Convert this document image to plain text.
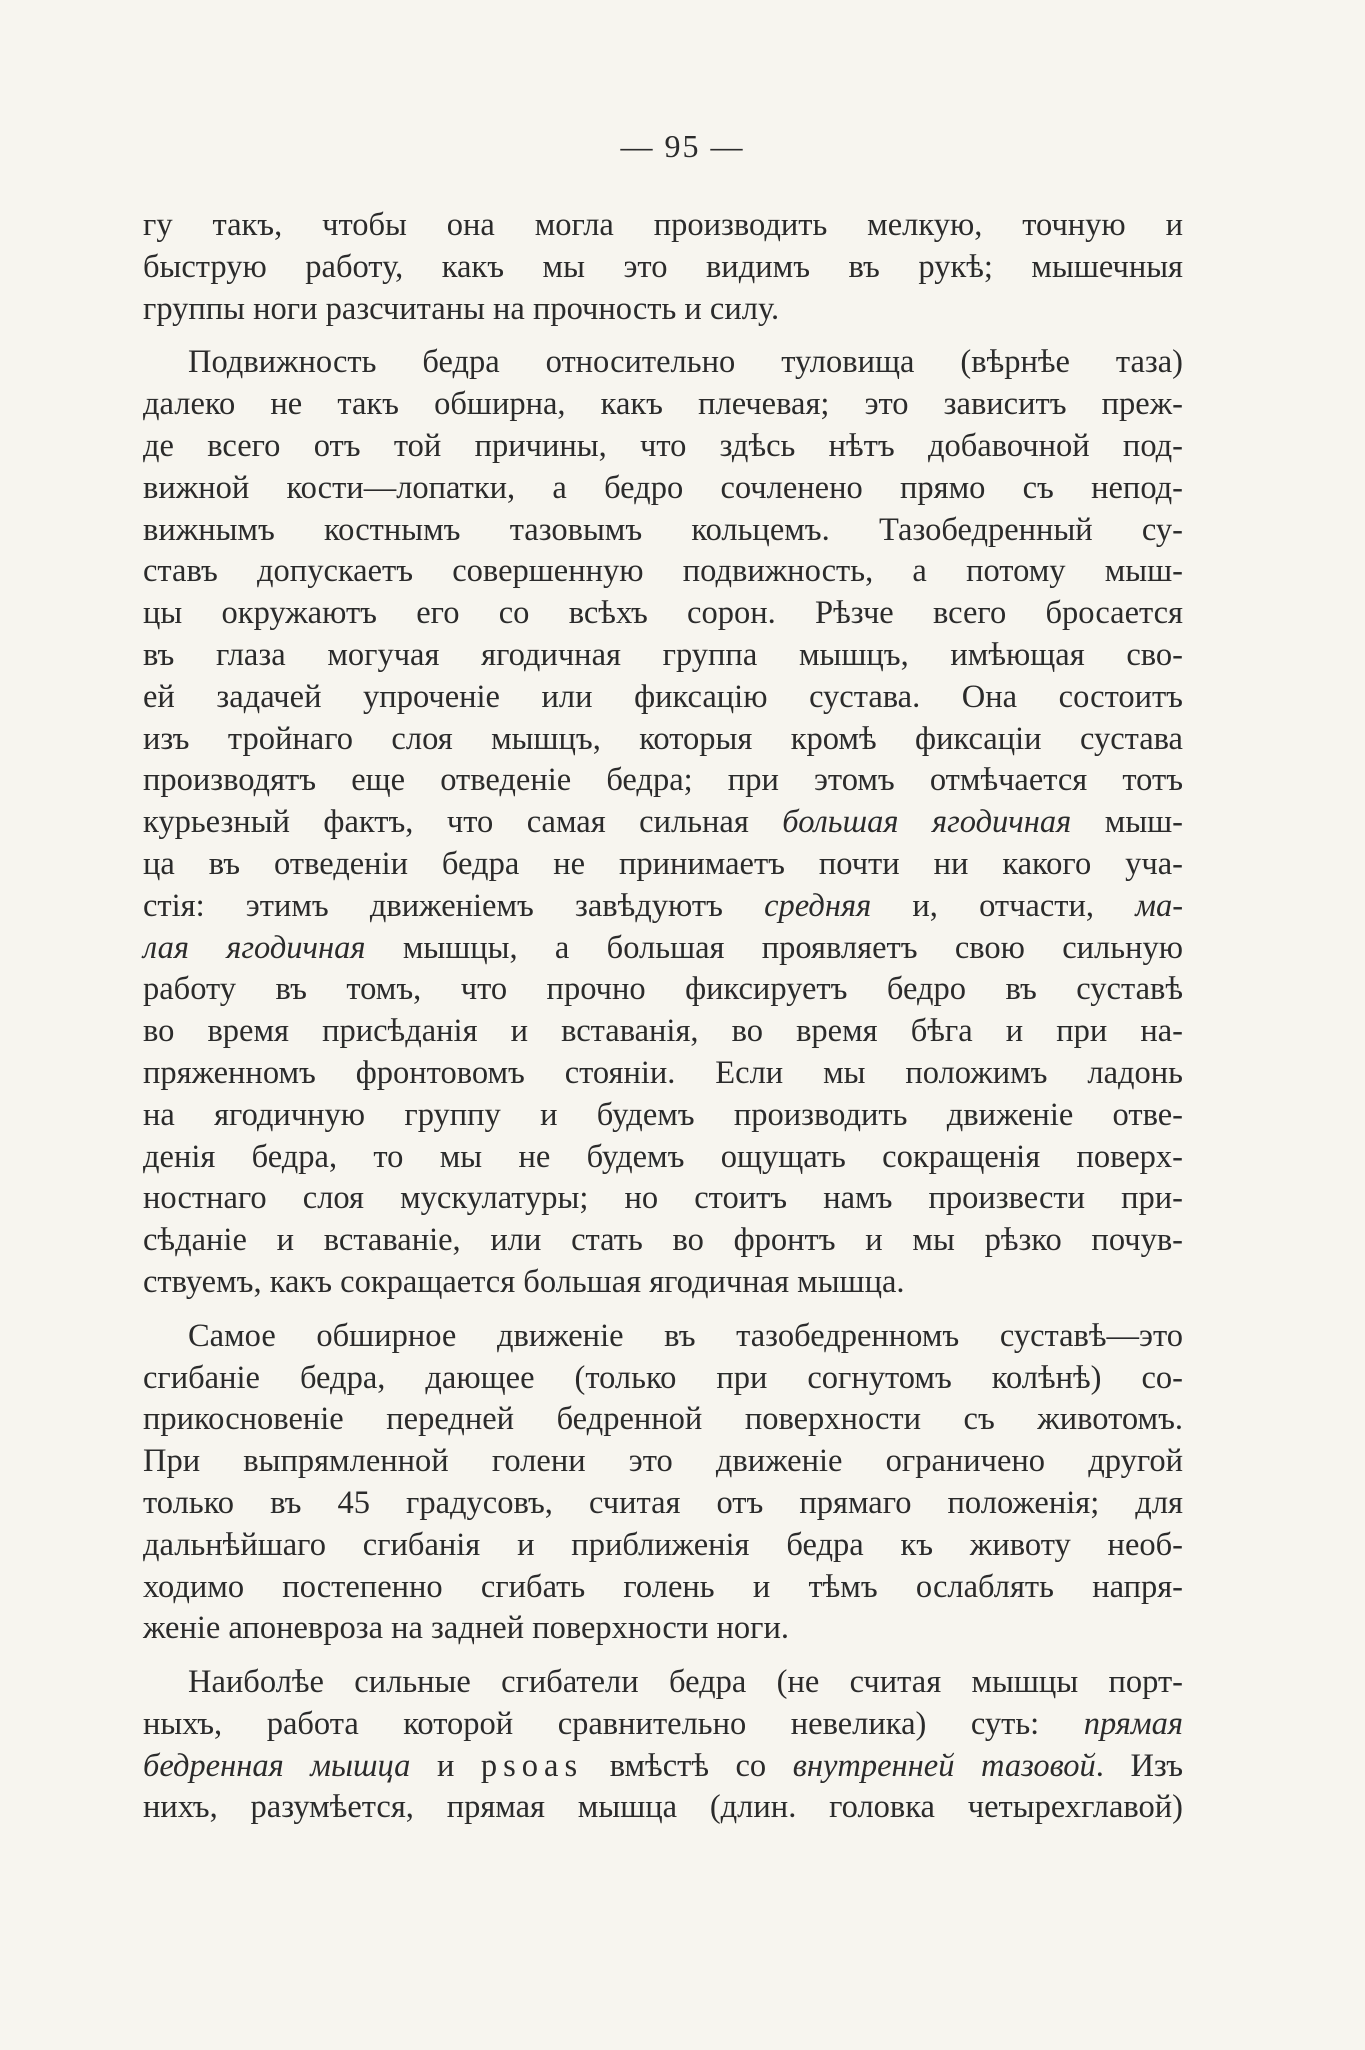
— 95 —
гу такъ, чтобы она могла производить мелкую, точную и
быструю работу, какъ мы это видимъ въ рукѣ; мышечныя
группы ноги разсчитаны на прочность и силу.
Подвижность бедра относительно туловища (вѣрнѣе таза)
далеко не такъ обширна, какъ плечевая; это зависитъ преж-
де всего отъ той причины, что здѣсь нѣтъ добавочной под-
вижной кости—лопатки, а бедро сочленено прямо съ непод-
вижнымъ костнымъ тазовымъ кольцемъ. Тазобедренный су-
ставъ допускаетъ совершенную подвижность, а потому мыш-
цы окружаютъ его со всѣхъ сорон. Рѣзче всего бросается
въ глаза могучая ягодичная группа мышцъ, имѣющая сво-
ей задачей упроченіе или фиксацію сустава. Она состоитъ
изъ тройнаго слоя мышцъ, которыя кромѣ фиксаціи сустава
производятъ еще отведеніе бедра; при этомъ отмѣчается тотъ
курьезный фактъ, что самая сильная большая ягодичная мыш-
ца въ отведеніи бедра не принимаетъ почти ни какого уча-
стія: этимъ движеніемъ завѣдуютъ средняя и, отчасти, ма-
лая ягодичная мышцы, а большая проявляетъ свою сильную
работу въ томъ, что прочно фиксируетъ бедро въ суставѣ
во время присѣданія и вставанія, во время бѣга и при на-
пряженномъ фронтовомъ стояніи. Если мы положимъ ладонь
на ягодичную группу и будемъ производить движеніе отве-
денія бедра, то мы не будемъ ощущать сокращенія поверх-
ностнаго слоя мускулатуры; но стоитъ намъ произвести при-
сѣданіе и вставаніе, или стать во фронтъ и мы рѣзко почув-
ствуемъ, какъ сокращается большая ягодичная мышца.
Самое обширное движеніе въ тазобедренномъ суставѣ—это
сгибаніе бедра, дающее (только при согнутомъ колѣнѣ) со-
прикосновеніе передней бедренной поверхности съ животомъ.
При выпрямленной голени это движеніе ограничено другой
только въ 45 градусовъ, считая отъ прямаго положенія; для
дальнѣйшаго сгибанія и приближенія бедра къ животу необ-
ходимо постепенно сгибать голень и тѣмъ ослаблять напря-
женіе апоневроза на задней поверхности ноги.
Наиболѣе сильные сгибатели бедра (не считая мышцы порт-
ныхъ, работа которой сравнительно невелика) суть: прямая
бедренная мышца и psoas вмѣстѣ со внутренней тазовой. Изъ
нихъ, разумѣется, прямая мышца (длин. головка четырехглавой)
